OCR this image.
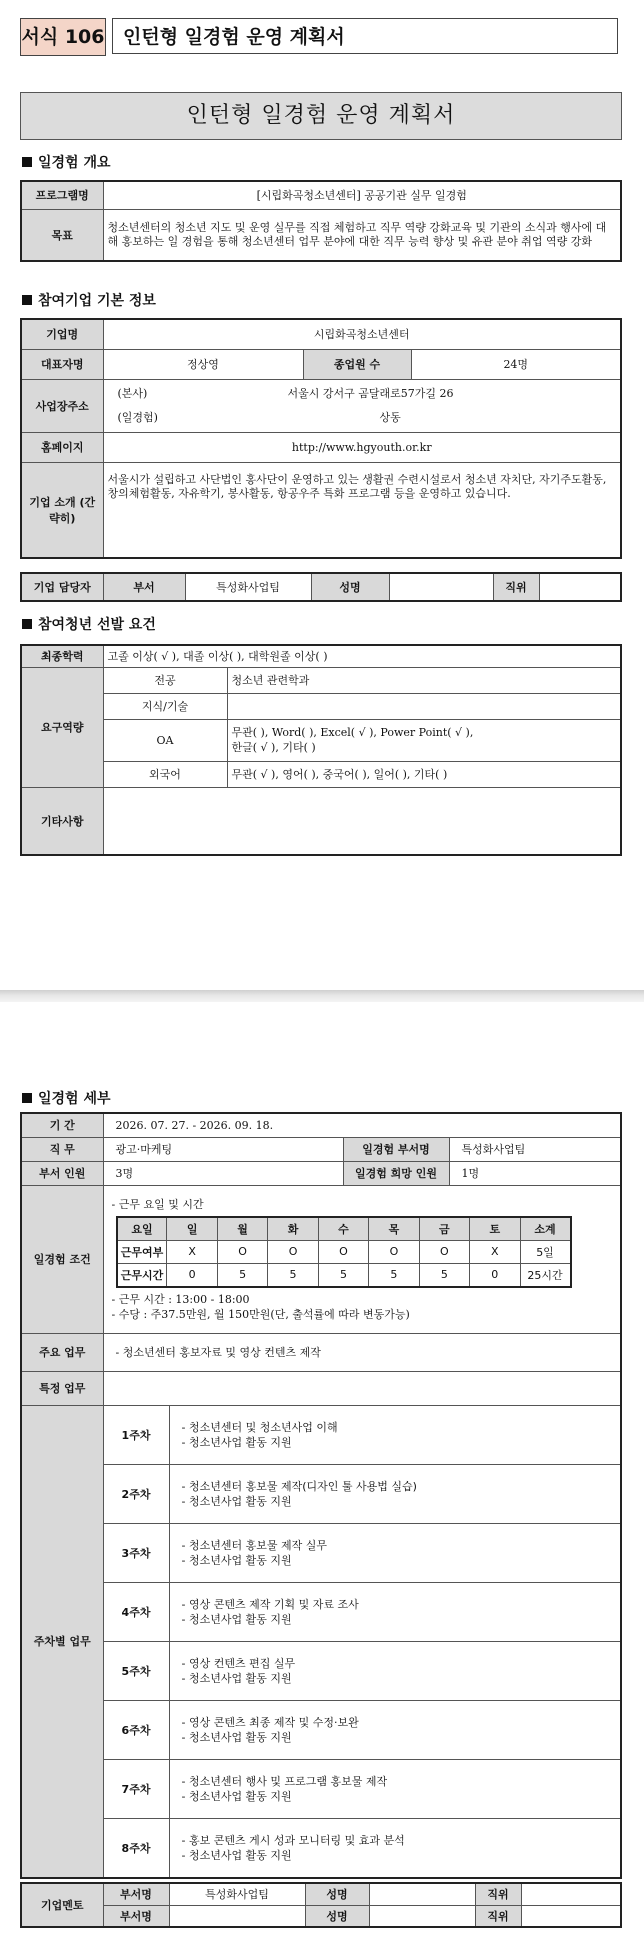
서식 106 인턴형 일경험 운영 계획서
인턴형 일경험 운영 계획서
일경험 개요
프로그램명	[시립화곡청소년센터] 공공기관 실무 일경험
목표	청소년센터의 청소년 지도 및 운영 실무를 직접 체험하고 직무 역량 강화교육 및 기관의 소식과 행사에 대해 홍보하는 일 경험을 통해 청소년센터 업무 분야에 대한 직무 능력 향상 및 유관 분야 취업 역량 강화
참여기업 기본 정보
기업명	시립화곡청소년센터		
대표자명	정상영	종업원 수	24명
사업장주소	(본사) 서울시 강서구 곰달래로57가길 26
(일경험) 상동		

홈페이지	http://www.hgyouth.or.kr		
기업 소개 (간략히)	서울시가 설립하고 사단법인 홍사단이 운영하고 있는 생활권 수련시설로서 청소년 자치단, 자기주도활동, 창의체험활동, 자유학기, 봉사활동, 항공우주 특화 프로그램 등을 운영하고 있습니다.		
기업 담당자	부서	특성화사업팀	성명		직위	
참여청년 선발 요건
최종학력	고졸 이상( √ ), 대졸 이상( ), 대학원졸 이상( )	
요구역량	전공	청소년 관련학과
	지식/기술	
	OA	무관( ), Word( ), Excel( √ ), Power Point( √ ),
한글( √ ), 기타( )

	외국어	무관( √ ), 영어( ), 중국어( ), 일어( ), 기타( )
기타사항		
일경험 세부
기 간	2026. 07. 27. - 2026. 09. 18.
직 무	광고·마케팅	일경험 부서명	특성화사업팀
부서 인원	3명	일경험 희망 인원	1명
일경험 조건	
- 근무 요일 및 시간
요일	일	월	화	수	목	금	토	소계
근무여부	X	O	O	O	O	O	X	5일
근무시간	0	5	5	5	5	5	0	25시간
- 근무 시간 : 13:00 - 18:00
- 수당 : 주37.5만원, 월 150만원(단, 출석률에 따라 변동가능)

주요 업무	- 청소년센터 홍보자료 및 영상 컨텐츠 제작
특정 업무	
주차별 업무	1주차	
- 청소년센터 및 청소년사업 이해
- 청소년사업 활동 지원

2주차	
- 청소년센터 홍보물 제작(디자인 툴 사용법 실습)
- 청소년사업 활동 지원

3주차	
- 청소년센터 홍보물 제작 실무
- 청소년사업 활동 지원

4주차	
- 영상 콘텐츠 제작 기획 및 자료 조사
- 청소년사업 활동 지원

5주차	
- 영상 컨텐츠 편집 실무
- 청소년사업 활동 지원

6주차	
- 영상 콘텐츠 최종 제작 및 수정·보완
- 청소년사업 활동 지원

7주차	
- 청소년센터 행사 및 프로그램 홍보물 제작
- 청소년사업 활동 지원

8주차	
- 홍보 콘텐츠 게시 성과 모니터링 및 효과 분석
- 청소년사업 활동 지원
기업멘토	부서명	특성화사업팀	성명		직위	
	부서명		성명		직위	
